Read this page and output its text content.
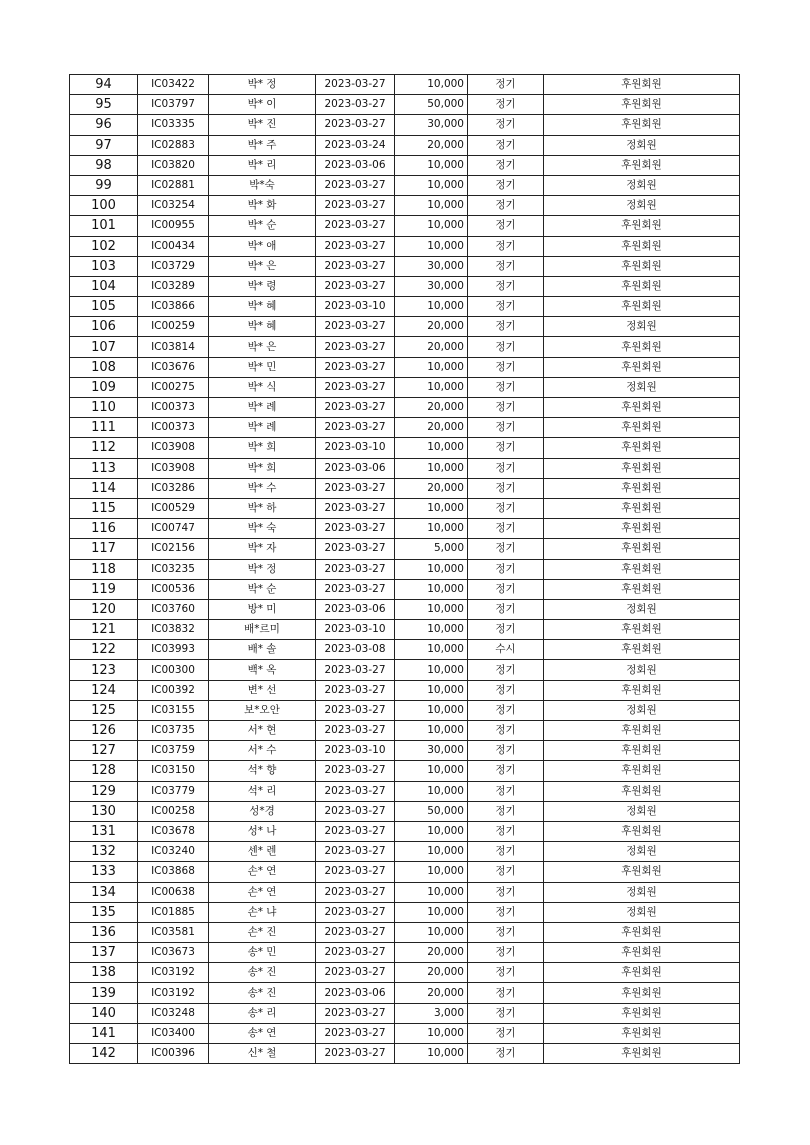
94	IC03422	박* 정	2023-03-27	10,000	정기	후원회원
95	IC03797	박* 이	2023-03-27	50,000	정기	후원회원
96	IC03335	박* 진	2023-03-27	30,000	정기	후원회원
97	IC02883	박* 주	2023-03-24	20,000	정기	정회원
98	IC03820	박* 리	2023-03-06	10,000	정기	후원회원
99	IC02881	박*숙	2023-03-27	10,000	정기	정회원
100	IC03254	박* 화	2023-03-27	10,000	정기	정회원
101	IC00955	박* 순	2023-03-27	10,000	정기	후원회원
102	IC00434	박* 애	2023-03-27	10,000	정기	후원회원
103	IC03729	박* 은	2023-03-27	30,000	정기	후원회원
104	IC03289	박* 령	2023-03-27	30,000	정기	후원회원
105	IC03866	박* 혜	2023-03-10	10,000	정기	후원회원
106	IC00259	박* 혜	2023-03-27	20,000	정기	정회원
107	IC03814	박* 은	2023-03-27	20,000	정기	후원회원
108	IC03676	박* 민	2023-03-27	10,000	정기	후원회원
109	IC00275	박* 식	2023-03-27	10,000	정기	정회원
110	IC00373	박* 례	2023-03-27	20,000	정기	후원회원
111	IC00373	박* 례	2023-03-27	20,000	정기	후원회원
112	IC03908	박* 희	2023-03-10	10,000	정기	후원회원
113	IC03908	박* 희	2023-03-06	10,000	정기	후원회원
114	IC03286	박* 수	2023-03-27	20,000	정기	후원회원
115	IC00529	박* 하	2023-03-27	10,000	정기	후원회원
116	IC00747	박* 숙	2023-03-27	10,000	정기	후원회원
117	IC02156	박* 자	2023-03-27	5,000	정기	후원회원
118	IC03235	박* 정	2023-03-27	10,000	정기	후원회원
119	IC00536	박* 순	2023-03-27	10,000	정기	후원회원
120	IC03760	방* 미	2023-03-06	10,000	정기	정회원
121	IC03832	배*르미	2023-03-10	10,000	정기	후원회원
122	IC03993	배* 솔	2023-03-08	10,000	수시	후원회원
123	IC00300	백* 옥	2023-03-27	10,000	정기	정회원
124	IC00392	변* 선	2023-03-27	10,000	정기	후원회원
125	IC03155	보*오안	2023-03-27	10,000	정기	정회원
126	IC03735	서* 현	2023-03-27	10,000	정기	후원회원
127	IC03759	서* 수	2023-03-10	30,000	정기	후원회원
128	IC03150	석* 향	2023-03-27	10,000	정기	후원회원
129	IC03779	석* 리	2023-03-27	10,000	정기	후원회원
130	IC00258	성*경	2023-03-27	50,000	정기	정회원
131	IC03678	성* 나	2023-03-27	10,000	정기	후원회원
132	IC03240	센* 렌	2023-03-27	10,000	정기	정회원
133	IC03868	손* 연	2023-03-27	10,000	정기	후원회원
134	IC00638	손* 연	2023-03-27	10,000	정기	정회원
135	IC01885	손* 냐	2023-03-27	10,000	정기	정회원
136	IC03581	손* 진	2023-03-27	10,000	정기	후원회원
137	IC03673	송* 민	2023-03-27	20,000	정기	후원회원
138	IC03192	송* 진	2023-03-27	20,000	정기	후원회원
139	IC03192	송* 진	2023-03-06	20,000	정기	후원회원
140	IC03248	송* 리	2023-03-27	3,000	정기	후원회원
141	IC03400	송* 연	2023-03-27	10,000	정기	후원회원
142	IC00396	신* 철	2023-03-27	10,000	정기	후원회원
